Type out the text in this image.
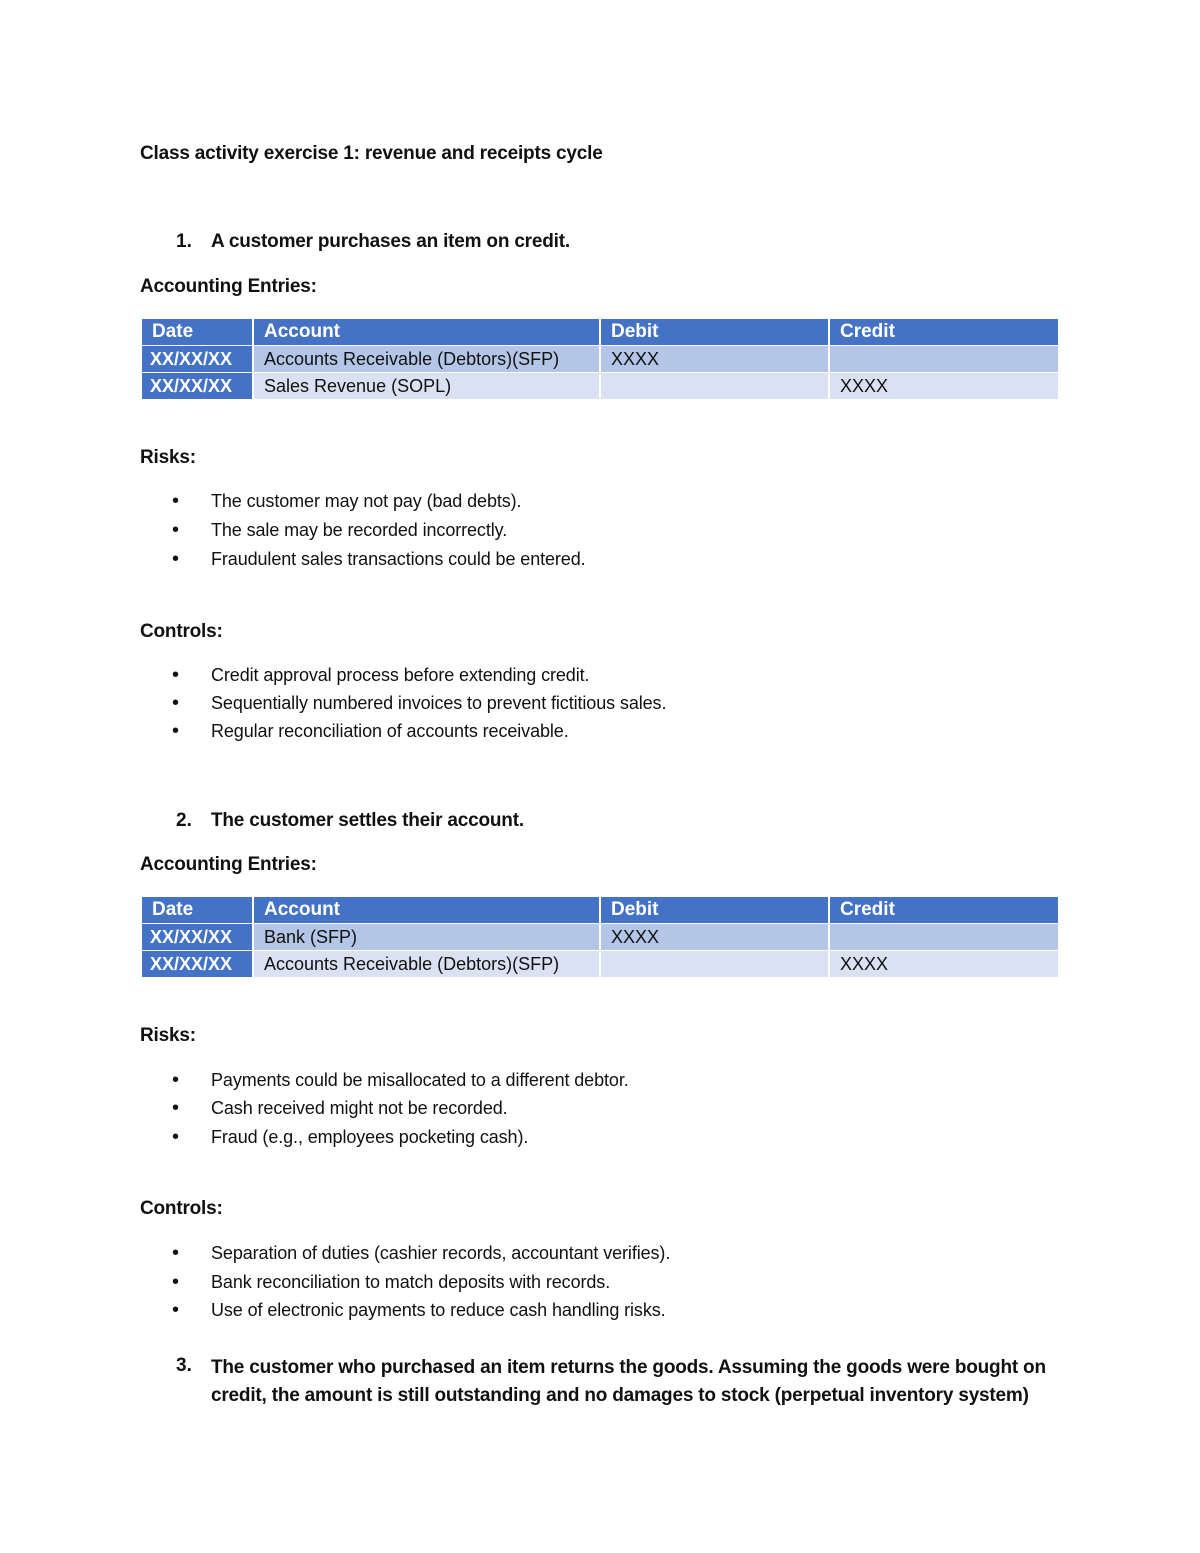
Class activity exercise 1: revenue and receipts cycle
1. A customer purchases an item on credit.
Accounting Entries:
Date	Account	Debit	Credit
XX/XX/XX	Accounts Receivable (Debtors)(SFP)	XXXX	
XX/XX/XX	Sales Revenue (SOPL)		XXXX
Risks:
• The customer may not pay (bad debts).
• The sale may be recorded incorrectly.
• Fraudulent sales transactions could be entered.
Controls:
• Credit approval process before extending credit.
• Sequentially numbered invoices to prevent fictitious sales.
• Regular reconciliation of accounts receivable.
2. The customer settles their account.
Accounting Entries:
Date	Account	Debit	Credit
XX/XX/XX	Bank (SFP)	XXXX	
XX/XX/XX	Accounts Receivable (Debtors)(SFP)		XXXX
Risks:
• Payments could be misallocated to a different debtor.
• Cash received might not be recorded.
• Fraud (e.g., employees pocketing cash).
Controls:
• Separation of duties (cashier records, accountant verifies).
• Bank reconciliation to match deposits with records.
• Use of electronic payments to reduce cash handling risks.
3. The customer who purchased an item returns the goods. Assuming the goods were bought on credit, the amount is still outstanding and no damages to stock (perpetual inventory system)
